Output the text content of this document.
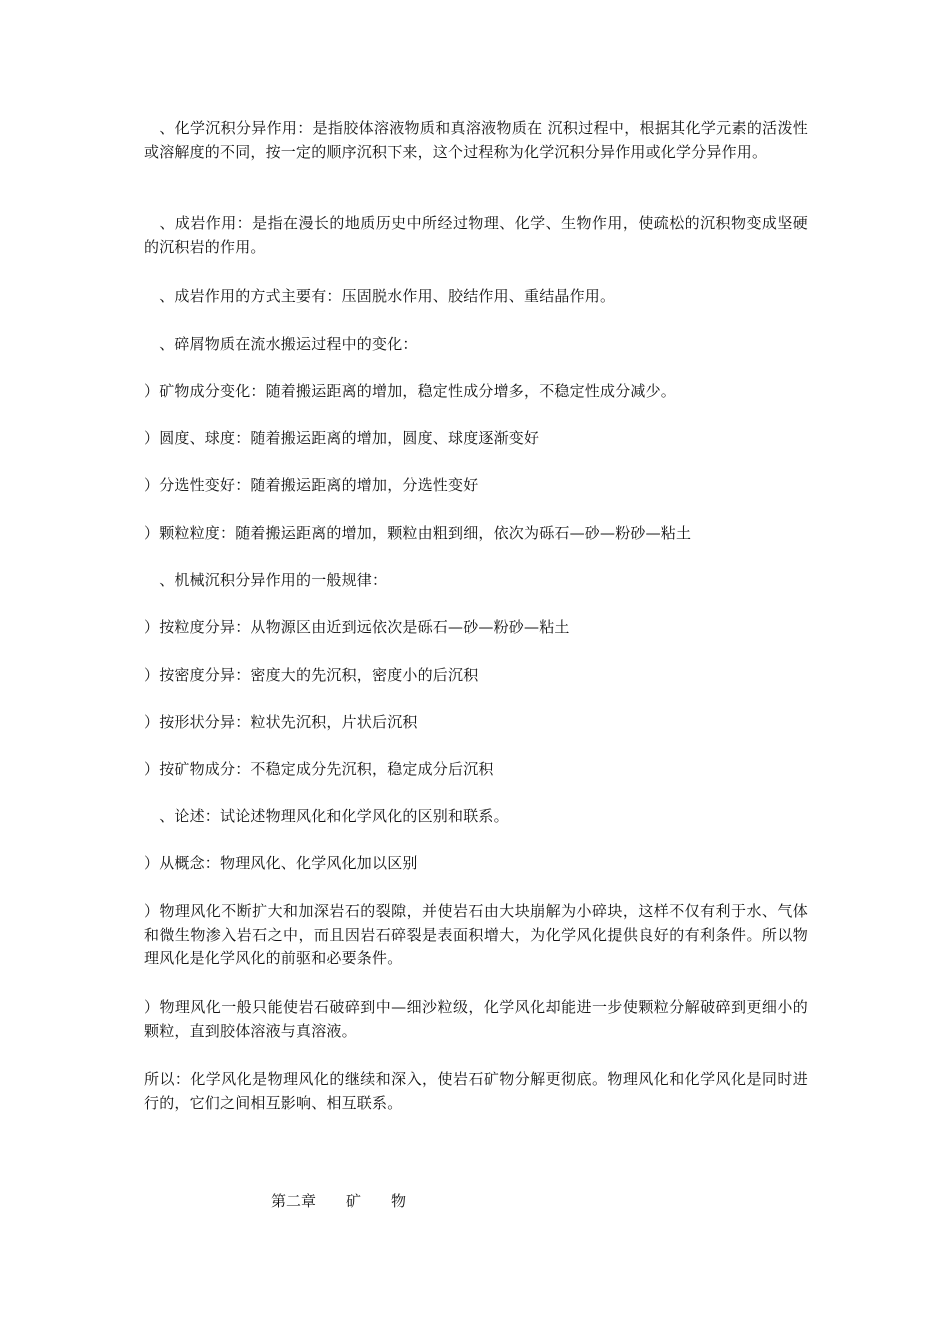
　、化学沉积分异作用：是指胶体溶液物质和真溶液物质在 沉积过程中，根据其化学元素的活泼性或溶解度的不同，按一定的顺序沉积下来，这个过程称为化学沉积分异作用或化学分异作用。

　、成岩作用：是指在漫长的地质历史中所经过物理、化学、生物作用，使疏松的沉积物变成坚硬的沉积岩的作用。

　、成岩作用的方式主要有：压固脱水作用、胶结作用、重结晶作用。

　、碎屑物质在流水搬运过程中的变化：

）矿物成分变化：随着搬运距离的增加，稳定性成分增多，不稳定性成分减少。

）圆度、球度：随着搬运距离的增加，圆度、球度逐渐变好

）分选性变好：随着搬运距离的增加，分选性变好

）颗粒粒度：随着搬运距离的增加，颗粒由粗到细，依次为砾石—砂—粉砂—粘土

　、机械沉积分异作用的一般规律：

）按粒度分异：从物源区由近到远依次是砾石—砂—粉砂—粘土

）按密度分异：密度大的先沉积，密度小的后沉积

）按形状分异：粒状先沉积，片状后沉积

）按矿物成分：不稳定成分先沉积，稳定成分后沉积

　、论述：试论述物理风化和化学风化的区别和联系。

）从概念：物理风化、化学风化加以区别

）物理风化不断扩大和加深岩石的裂隙，并使岩石由大块崩解为小碎块，这样不仅有利于水、气体和微生物渗入岩石之中，而且因岩石碎裂是表面积增大，为化学风化提供良好的有利条件。所以物理风化是化学风化的前驱和必要条件。

）物理风化一般只能使岩石破碎到中—细沙粒级，化学风化却能进一步使颗粒分解破碎到更细小的颗粒，直到胶体溶液与真溶液。

所以：化学风化是物理风化的继续和深入，使岩石矿物分解更彻底。物理风化和化学风化是同时进行的，它们之间相互影响、相互联系。

第二章　　矿　　物
